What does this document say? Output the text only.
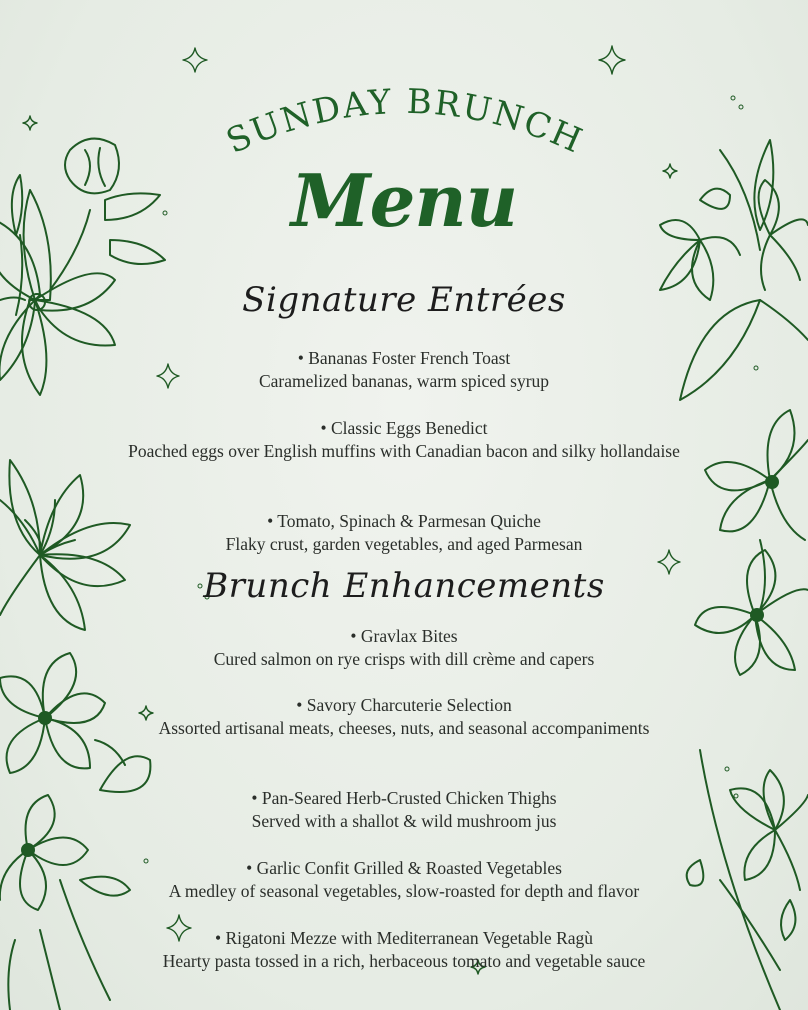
SUNDAY BRUNCH
Menu
Signature Entrées
• Bananas Foster French Toast
Caramelized bananas, warm spiced syrup
• Classic Eggs Benedict
Poached eggs over English muffins with Canadian bacon and silky hollandaise
• Tomato, Spinach & Parmesan Quiche
Flaky crust, garden vegetables, and aged Parmesan
Brunch Enhancements
• Gravlax Bites
Cured salmon on rye crisps with dill crème and capers
• Savory Charcuterie Selection
Assorted artisanal meats, cheeses, nuts, and seasonal accompaniments
• Pan-Seared Herb-Crusted Chicken Thighs
Served with a shallot & wild mushroom jus
• Garlic Confit Grilled & Roasted Vegetables
A medley of seasonal vegetables, slow-roasted for depth and flavor
• Rigatoni Mezze with Mediterranean Vegetable Ragù
Hearty pasta tossed in a rich, herbaceous tomato and vegetable sauce
